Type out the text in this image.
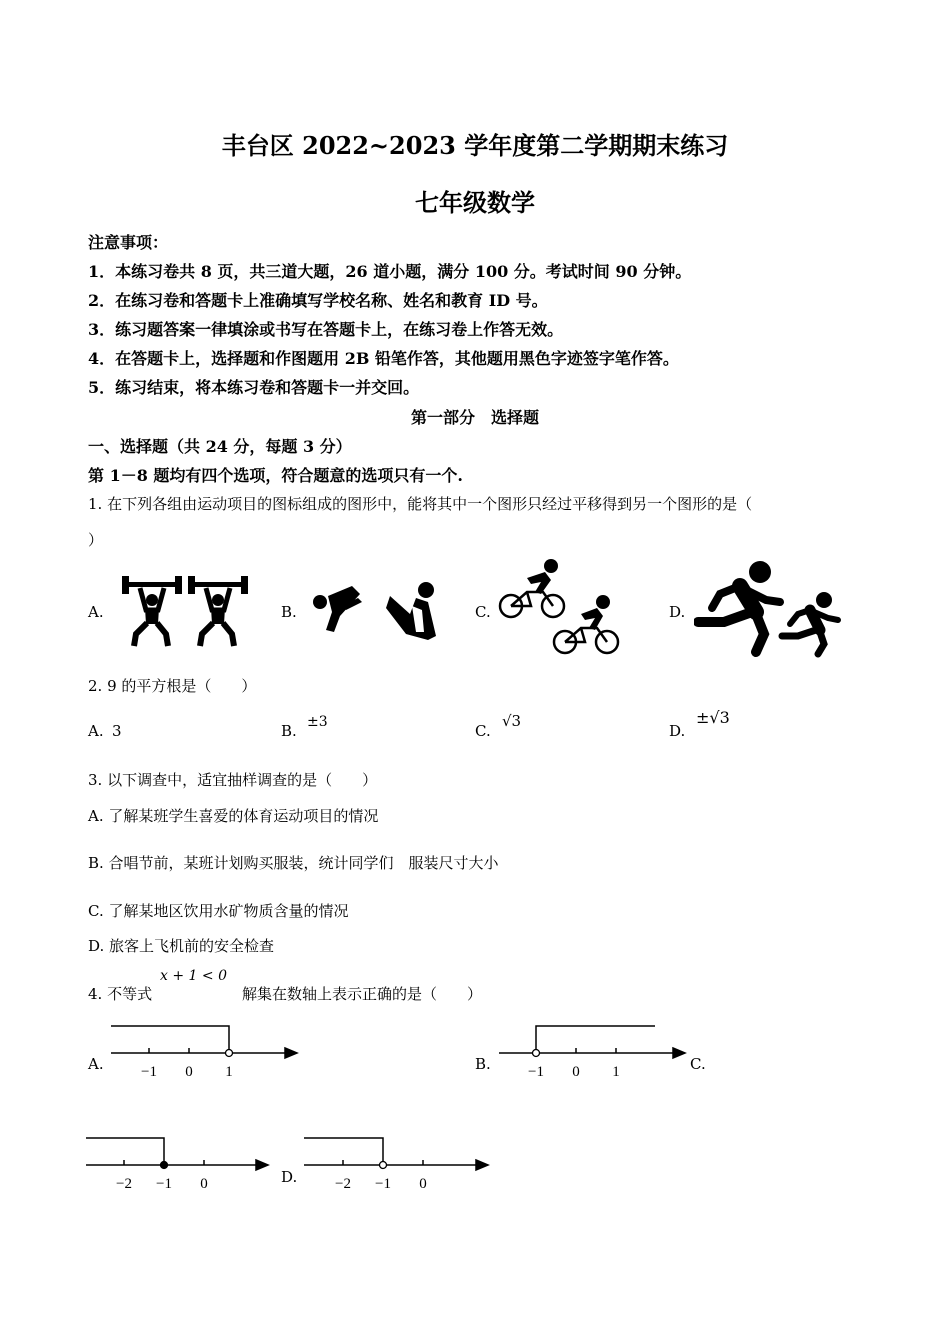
丰台区 2022~2023 学年度第二学期期末练习
七年级数学
注意事项：
1．本练习卷共 8 页，共三道大题，26 道小题，满分 100 分。考试时间 90 分钟。
2．在练习卷和答题卡上准确填写学校名称、姓名和教育 ID 号。
3．练习题答案一律填涂或书写在答题卡上，在练习卷上作答无效。
4．在答题卡上，选择题和作图题用 2B 铅笔作答，其他题用黑色字迹签字笔作答。
5．练习结束，将本练习卷和答题卡一并交回。
第一部分　选择题
一、选择题（共 24 分，每题 3 分）
第 1－8 题均有四个选项，符合题意的选项只有一个.
1. 在下列各组由运动项目的图标组成的图形中，能将其中一个图形只经过平移得到另一个图形的是（
）
A.	B.	C.	D.
2. 9 的平方根是（　　）
A. 3	B. ±3	C.
√3
D.
±√3
3. 以下调查中，适宜抽样调查的是（　　）
A. 了解某班学生喜爱的体育运动项目的情况
B. 合唱节前，某班计划购买服装，统计同学们　服装尺寸大小
C. 了解某地区饮用水矿物质含量的情况
D. 旅客上飞机前的安全检查
4. 不等式
x + 1 < 0
解集在数轴上表示正确的是（　　）
A. −1 0 1	B. −1 0 1	C.
−2 −1 0	D.	−2 −1 0
